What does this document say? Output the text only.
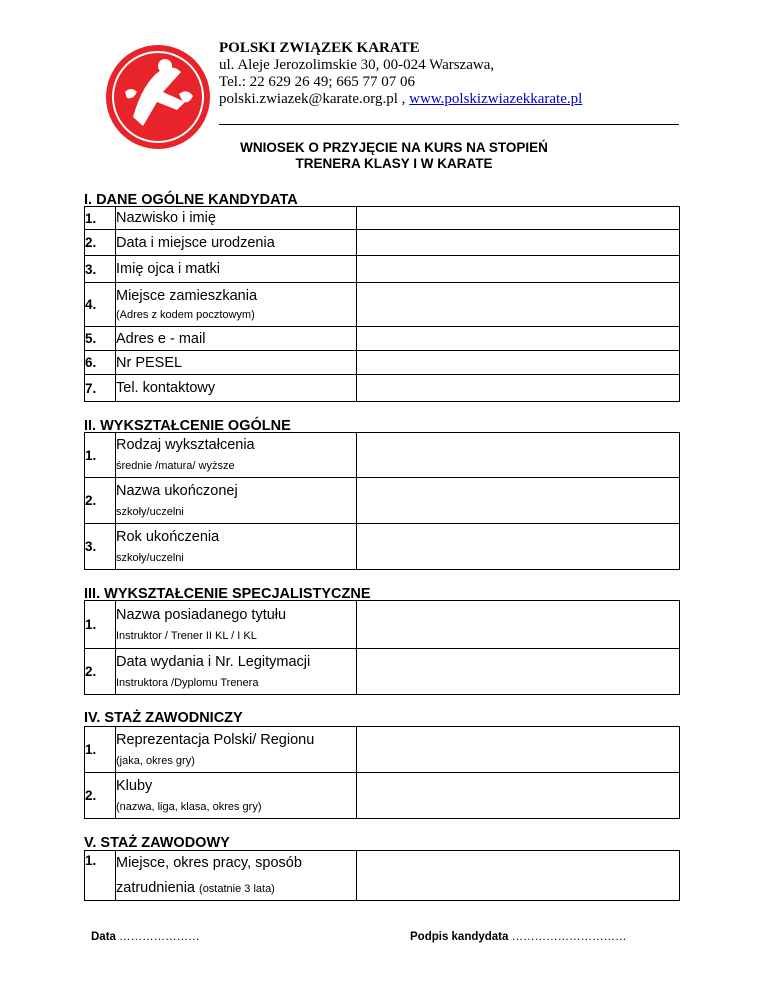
POLSKI ZWIĄZEK KARATE
ul. Aleje Jerozolimskie 30, 00-024 Warszawa,
Tel.: 22 629 26 49; 665 77 07 06
polski.zwiazek@karate.org.pl , www.polskizwiazekkarate.pl
WNIOSEK O PRZYJĘCIE NA KURS NA STOPIEŃ
TRENERA KLASY I W KARATE
I. DANE OGÓLNE KANDYDATA
1.	Nazwisko i imię	
2.	Data i miejsce urodzenia	
3.	Imię ojca i matki	
4.	Miejsce zamieszkania
(Adres z kodem pocztowym)	

5.	Adres e - mail	
6.	Nr PESEL	
7.	Tel. kontaktowy	
II. WYKSZTAŁCENIE OGÓLNE
1.	Rodzaj wykształcenia
średnie /matura/ wyższe	

2.	Nazwa ukończonej
szkoły/uczelni	

3.	Rok ukończenia
szkoły/uczelni	

III. WYKSZTAŁCENIE SPECJALISTYCZNE
1.	Nazwa posiadanego tytułu
Instruktor / Trener II KL / I KL	

2.	Data wydania i Nr. Legitymacji
Instruktora /Dyplomu Trenera	

IV. STAŻ ZAWODNICZY
1.	Reprezentacja Polski/ Regionu
(jaka, okres gry)	

2.	Kluby
(nazwa, liga, klasa, okres gry)	

V. STAŻ ZAWODOWY
1.	Miejsce, okres pracy, sposób
zatrudnienia (ostatnie 3 lata)

Data …………………	Podpis kandydata …………………………
